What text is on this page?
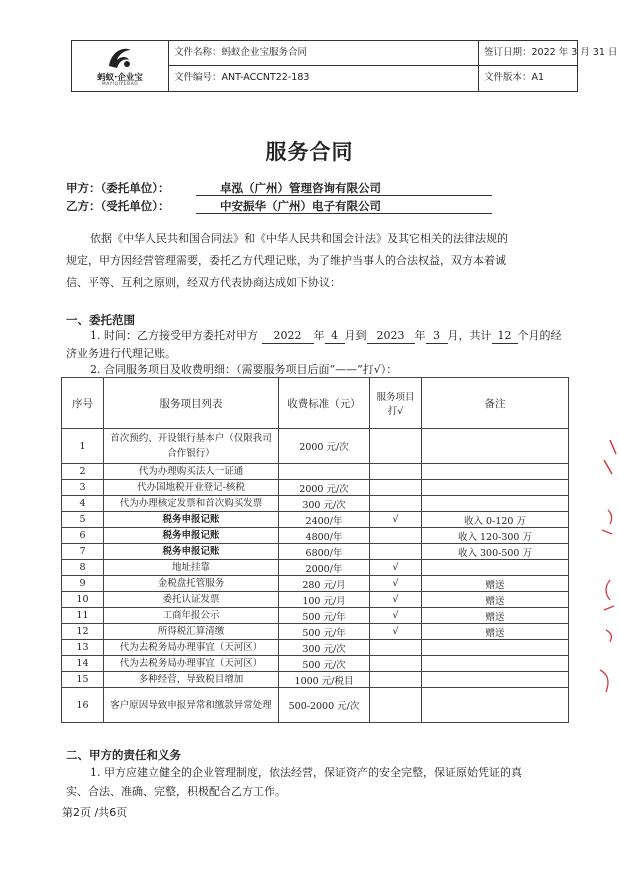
蚂蚁·企业宝
MAYIQIYEBAO
文件名称：蚂蚁企业宝服务合同	签订日期：2022 年 3 月 31 日
文件编号：ANT-ACCNT22-183	文件版本：A1
服务合同
甲方：（委托单位）：	卓泓（广州）管理咨询有限公司
乙方：（受托单位）：	中安振华（广州）电子有限公司
依据《中华人民共和国合同法》和《中华人民共和国会计法》及其它相关的法律法规的
规定，甲方因经营管理需要，委托乙方代理记账，为了维护当事人的合法权益，双方本着诚
信、平等、互利之原则，经双方代表协商达成如下协议：
一、委托范围
1. 时间：乙方接受甲方委托对甲方 2022 年 4 月到 2023 年 3 月，共计 12 个月的经
济业务进行代理记账。
2. 合同服务项目及收费明细：（需要服务项目后面“——”打√）：
序号	服务项目列表	收费标准（元）	服务项目打√	备注
1	首次预约、开设银行基本户（仅限我司合作银行）	2000 元/次		
2	代为办理购买法人一证通			
3	代办国地税开业登记-核税	2000 元/次		
4	代为办理核定发票和首次购买发票	300 元/次		
5	税务申报记账	2400/年	√	收入 0-120 万
6	税务申报记账	4800/年		收入 120-300 万
7	税务申报记账	6800/年		收入 300-500 万
8	地址挂靠	2000/年	√	
9	金税盘托管服务	280 元/月	√	赠送
10	委托认证发票	100 元/月	√	赠送
11	工商年报公示	500 元/年	√	赠送
12	所得税汇算清缴	500 元/年	√	赠送
13	代为去税务局办理事宜（天河区）	300 元/次		
14	代为去税务局办理事宜（天河区）	500 元/次		
15	多种经营，导致税目增加	1000 元/税目		
16	客户原因导致申报异常和缴款异常处理	500-2000 元/次		
二、甲方的责任和义务
1. 甲方应建立健全的企业管理制度，依法经营，保证资产的安全完整，保证原始凭证的真
实、合法、准确、完整，积极配合乙方工作。
第2页 /共6页
